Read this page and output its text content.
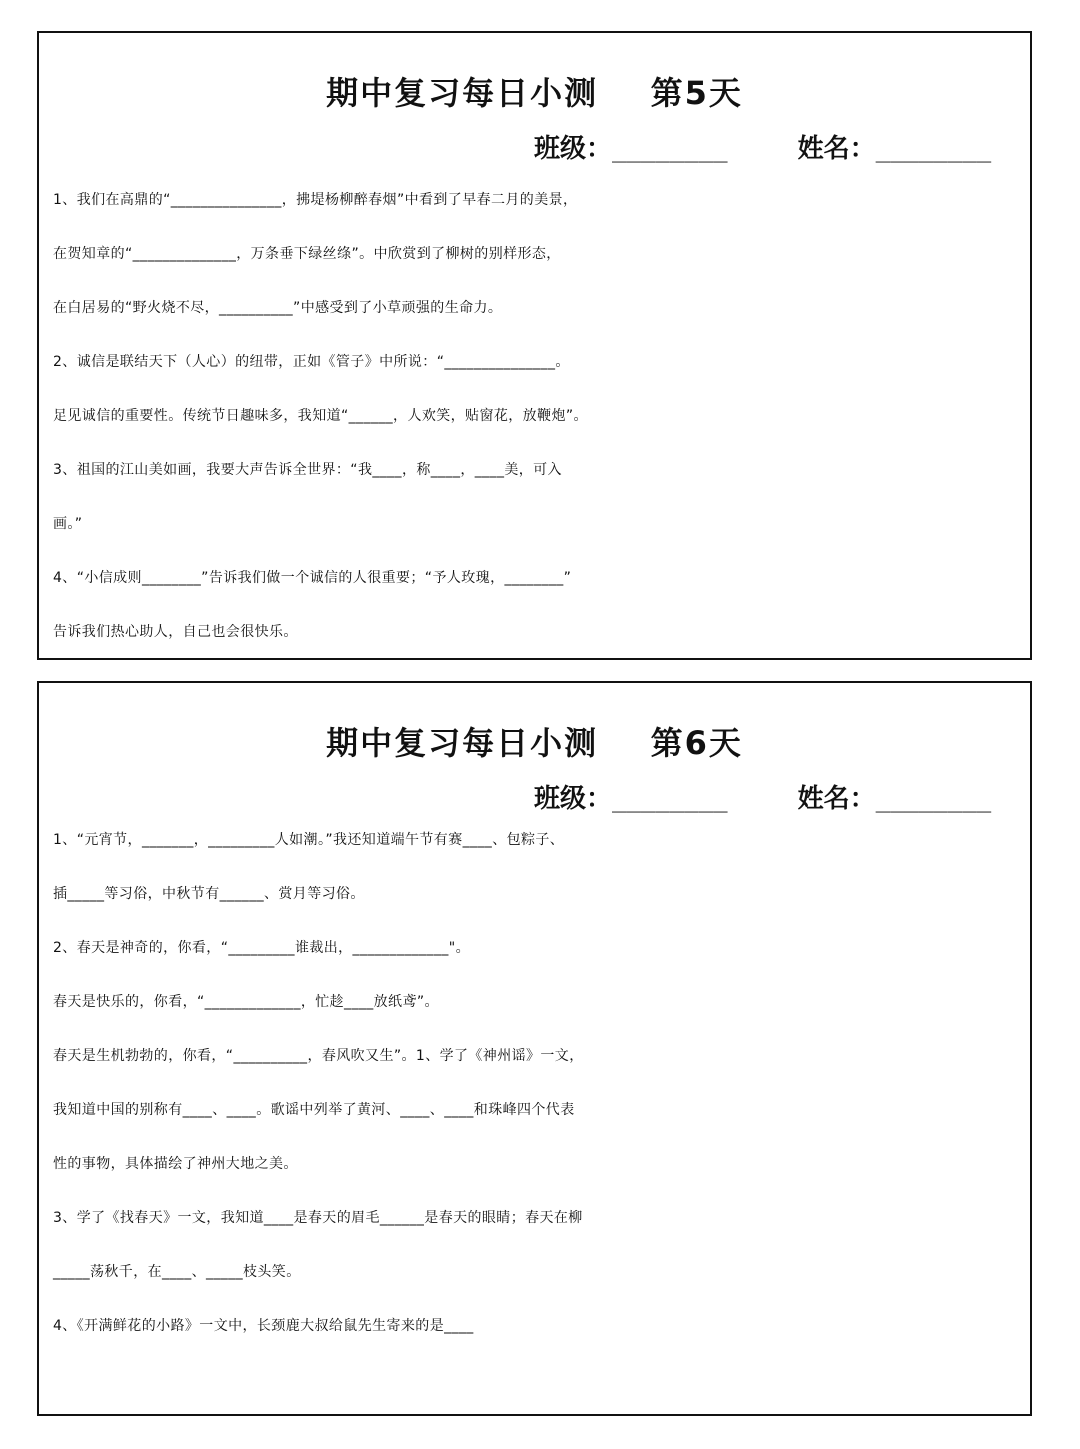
期中复习每日小测    第5天
班级：________	姓名：________
1、我们在高鼎的“_______________，拂堤杨柳醉春烟”中看到了早春二月的美景，
在贺知章的“______________，万条垂下绿丝绦”。中欣赏到了柳树的别样形态，
在白居易的“野火烧不尽，__________”中感受到了小草顽强的生命力。
2、诚信是联结天下（人心）的纽带，正如《管子》中所说：“_______________。
足见诚信的重要性。传统节日趣味多，我知道“______，人欢笑，贴窗花，放鞭炮”。
3、祖国的江山美如画，我要大声告诉全世界：“我____，称____，____美，可入
画。”
4、“小信成则________”告诉我们做一个诚信的人很重要；“予人玫瑰，________”
告诉我们热心助人，自己也会很快乐。
期中复习每日小测    第6天
班级：________	姓名：________
1、“元宵节，_______，_________人如潮。”我还知道端午节有赛____、包粽子、
插_____等习俗，中秋节有______、赏月等习俗。
2、春天是神奇的，你看，“_________谁裁出，_____________"。
春天是快乐的，你看，“_____________，忙趁____放纸鸢”。
春天是生机勃勃的，你看，“__________，春风吹又生”。1、学了《神州谣》一文，
我知道中国的别称有____、____。歌谣中列举了黄河、____、____和珠峰四个代表
性的事物，具体描绘了神州大地之美。
3、学了《找春天》一文，我知道____是春天的眉毛______是春天的眼睛；春天在柳
_____荡秋千，在____、_____枝头笑。
4、《开满鲜花的小路》一文中，长颈鹿大叔给鼠先生寄来的是____
